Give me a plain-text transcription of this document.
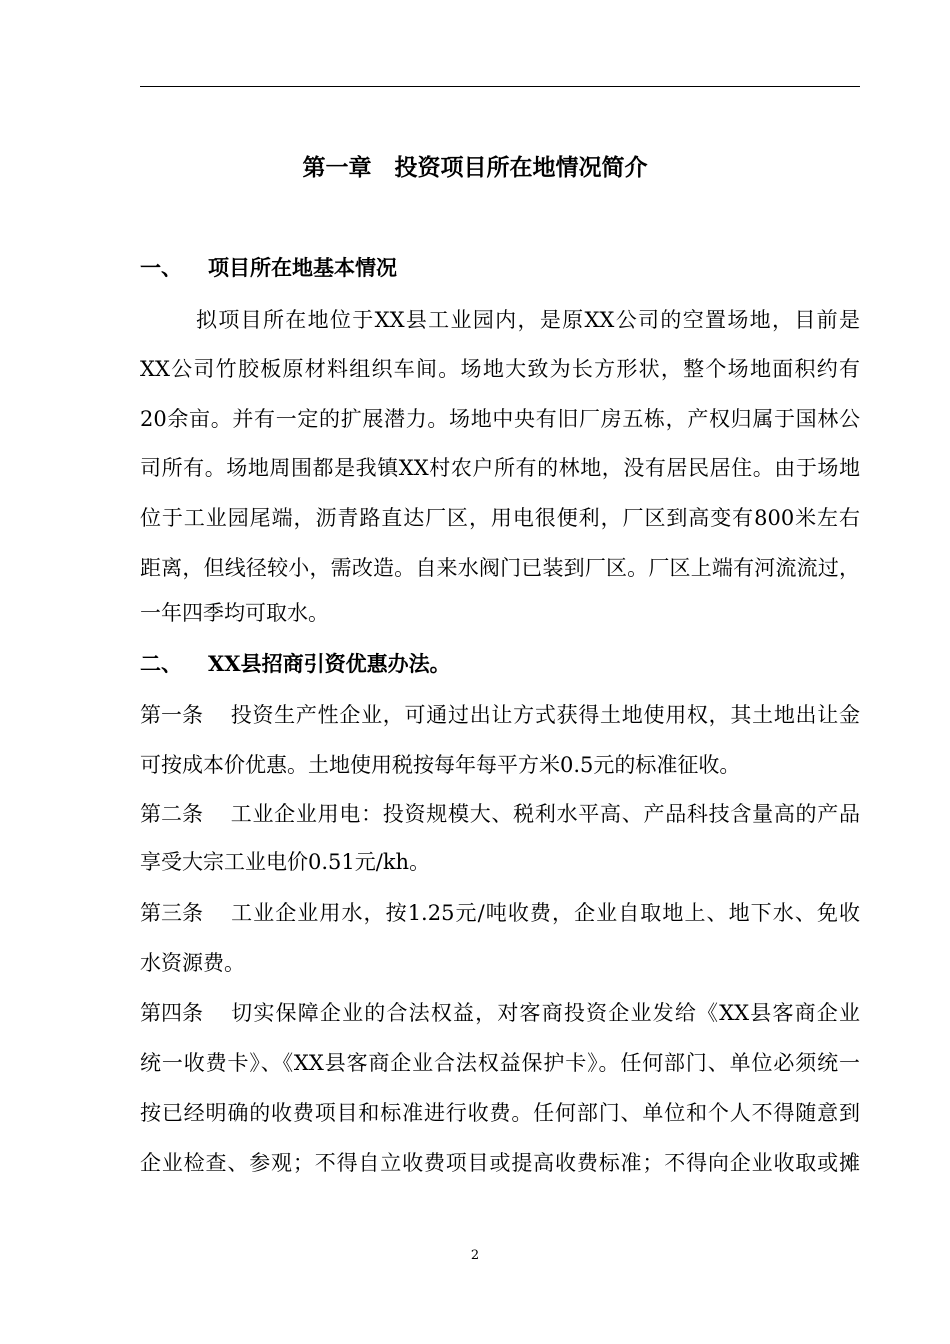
第一章　投资项目所在地情况简介
一、 项目所在地基本情况
拟项目所在地位于XX县工业园内，是原XX公司的空置场地，目前是
XX公司竹胶板原材料组织车间。场地大致为长方形状，整个场地面积约有
20余亩。并有一定的扩展潜力。场地中央有旧厂房五栋，产权归属于国林公
司所有。场地周围都是我镇XX村农户所有的林地，没有居民居住。由于场地
位于工业园尾端，沥青路直达厂区，用电很便利，厂区到高变有800米左右
距离，但线径较小，需改造。自来水阀门已装到厂区。厂区上端有河流流过，
一年四季均可取水。
二、 XX县招商引资优惠办法。
第一条 投资生产性企业，可通过出让方式获得土地使用权，其土地出让金
可按成本价优惠。土地使用税按每年每平方米0.5元的标准征收。
第二条 工业企业用电：投资规模大、税利水平高、产品科技含量高的产品
享受大宗工业电价0.51元/kh。
第三条 工业企业用水，按1.25元/吨收费，企业自取地上、地下水、免收
水资源费。
第四条 切实保障企业的合法权益，对客商投资企业发给《XX县客商企业
统一收费卡》、《XX县客商企业合法权益保护卡》。任何部门、单位必须统一
按已经明确的收费项目和标准进行收费。任何部门、单位和个人不得随意到
企业检查、参观；不得自立收费项目或提高收费标准；不得向企业收取或摊
2
